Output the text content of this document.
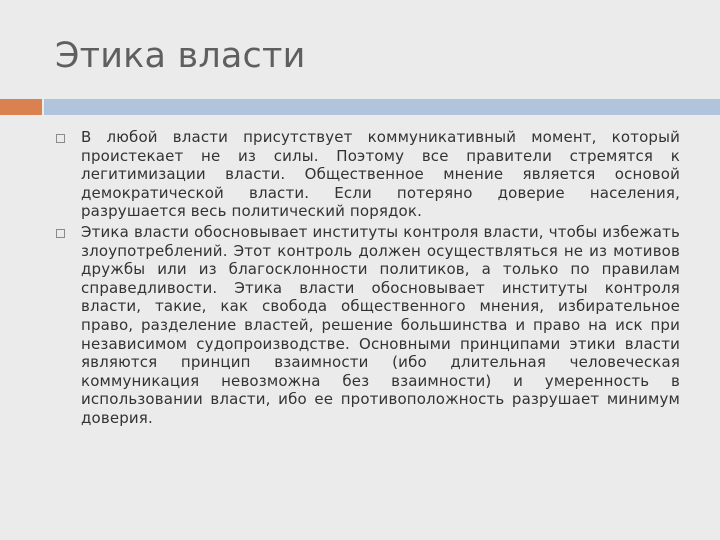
Этика власти
В любой власти присутствует коммуникативный момент, который проистекает не из силы. Поэтому все правители стремятся к легитимизации власти. Общественное мнение является основой демократической власти. Если потеряно доверие населения, разрушается весь политический порядок.
Этика власти обосновывает институты контроля власти, чтобы избежать злоупотреблений. Этот контроль должен осуществляться не из мотивов дружбы или из благосклонности политиков, а только по правилам справедливости. Этика власти обосновывает институты контроля власти, такие, как свобода общественного мнения, избирательное право, разделение властей, решение большинства и право на иск при независимом судопроизводстве. Основными принципами этики власти являются принцип взаимности (ибо длительная человеческая коммуникация невозможна без взаимности) и умеренность в использовании власти, ибо ее противоположность разрушает минимум доверия.
